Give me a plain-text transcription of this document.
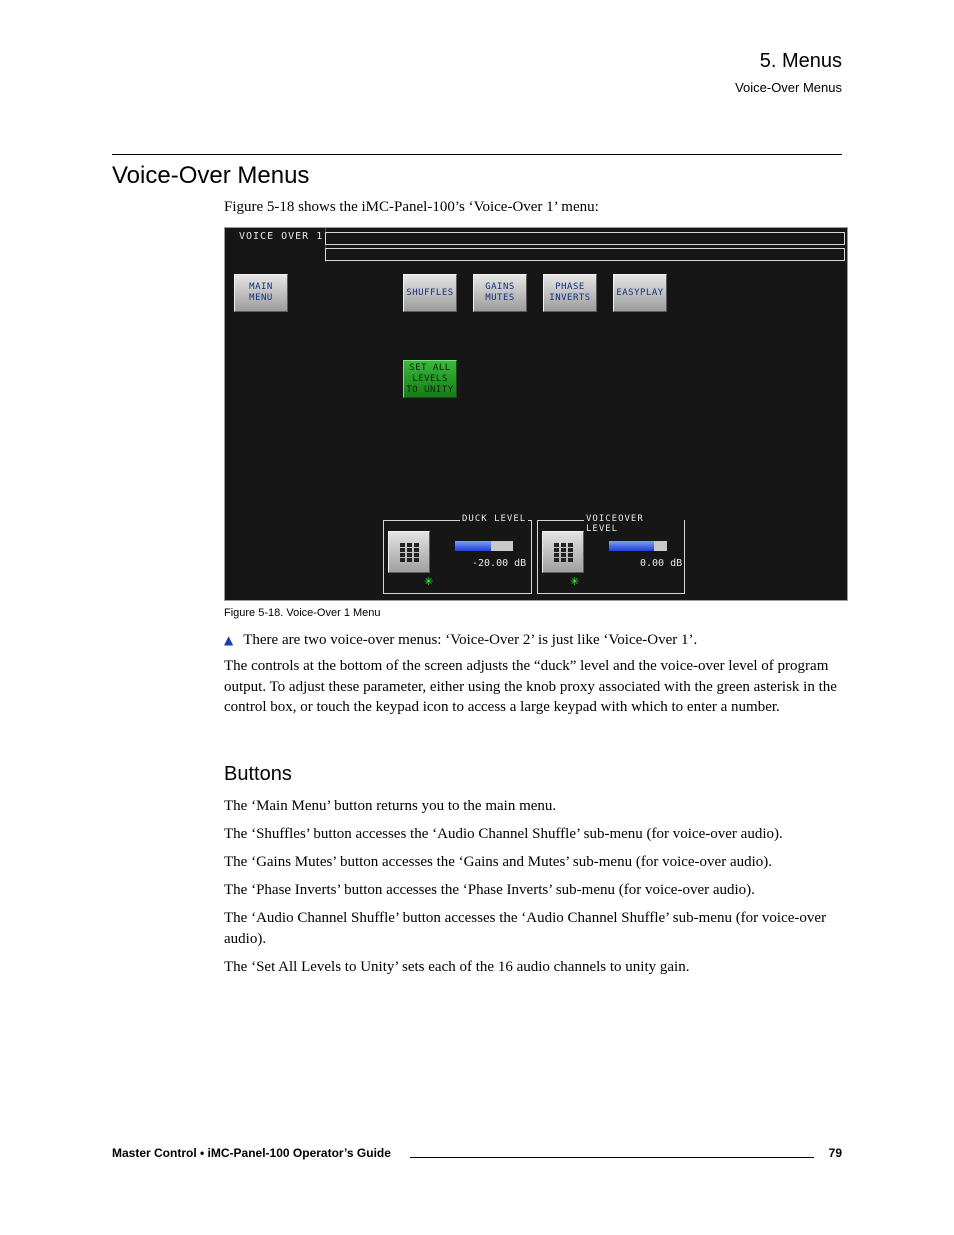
5. Menus
Voice-Over Menus
Voice-Over Menus
Figure 5-18 shows the iMC-Panel-100’s ‘Voice-Over 1’ menu:
VOICE OVER 1
MAIN
MENU
SHUFFLES
GAINS
MUTES
PHASE
INVERTS
EASYPLAY
SET ALL
LEVELS
TO UNITY
DUCK LEVEL
-20.00 dB
✳
VOICEOVER LEVEL
0.00 dB
✳
Figure 5-18. Voice-Over 1 Menu
▲ There are two voice-over menus: ‘Voice-Over 2’ is just like ‘Voice-Over 1’.

The controls at the bottom of the screen adjusts the “duck” level and the voice-over level of program output. To adjust these parameter, either using the knob proxy associated with the green asterisk in the control box, or touch the keypad icon to access a large keypad with which to enter a number.

Buttons

The ‘Main Menu’ button returns you to the main menu.

The ‘Shuffles’ button accesses the ‘Audio Channel Shuffle’ sub-menu (for voice-over audio).

The ‘Gains Mutes’ button accesses the ‘Gains and Mutes’ sub-menu (for voice-over audio).

The ‘Phase Inverts’ button accesses the ‘Phase Inverts’ sub-menu (for voice-over audio).

The ‘Audio Channel Shuffle’ button accesses the ‘Audio Channel Shuffle’ sub-menu (for voice-over audio).

The ‘Set All Levels to Unity’ sets each of the 16 audio channels to unity gain.

Master Control • iMC-Panel-100 Operator’s Guide	79
